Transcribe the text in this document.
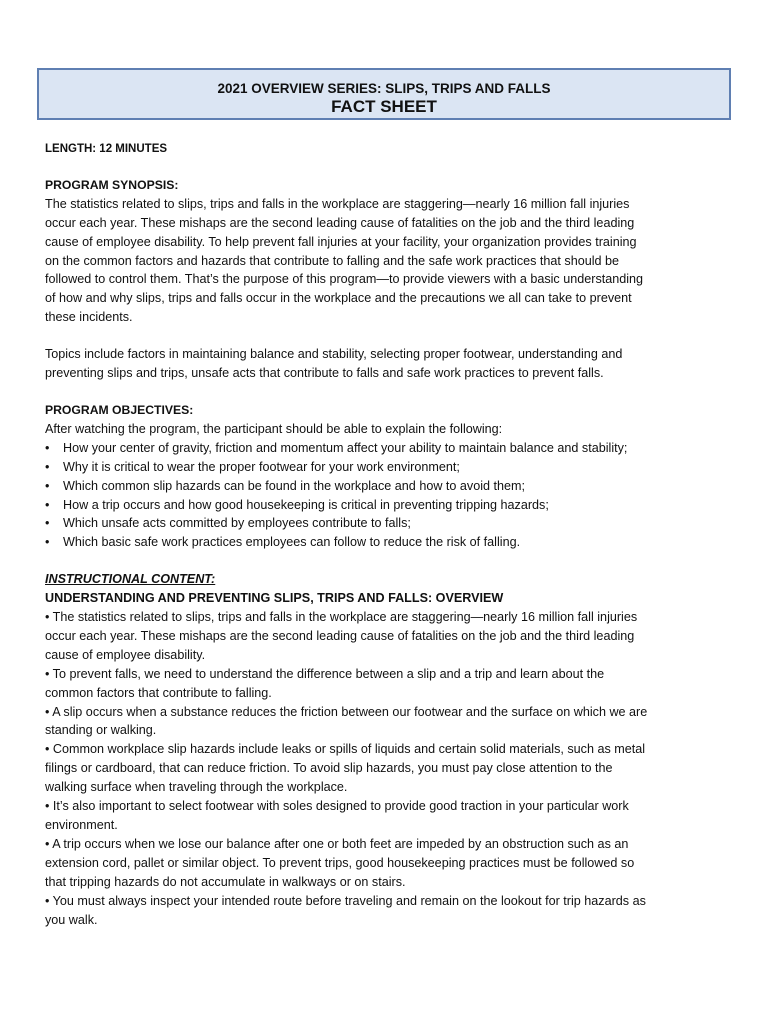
2021 OVERVIEW SERIES: SLIPS, TRIPS AND FALLS
FACT SHEET

LENGTH: 12 MINUTES

PROGRAM SYNOPSIS:

The statistics related to slips, trips and falls in the workplace are staggering—nearly 16 million fall injuries

occur each year. These mishaps are the second leading cause of fatalities on the job and the third leading

cause of employee disability. To help prevent fall injuries at your facility, your organization provides training

on the common factors and hazards that contribute to falling and the safe work practices that should be

followed to control them. That’s the purpose of this program—to provide viewers with a basic understanding

of how and why slips, trips and falls occur in the workplace and the precautions we all can take to prevent

these incidents.

Topics include factors in maintaining balance and stability, selecting proper footwear, understanding and

preventing slips and trips, unsafe acts that contribute to falls and safe work practices to prevent falls.

PROGRAM OBJECTIVES:

After watching the program, the participant should be able to explain the following:

• How your center of gravity, friction and momentum affect your ability to maintain balance and stability;
• Why it is critical to wear the proper footwear for your work environment;
• Which common slip hazards can be found in the workplace and how to avoid them;
• How a trip occurs and how good housekeeping is critical in preventing tripping hazards;
• Which unsafe acts committed by employees contribute to falls;
• Which basic safe work practices employees can follow to reduce the risk of falling.

INSTRUCTIONAL CONTENT:

UNDERSTANDING AND PREVENTING SLIPS, TRIPS AND FALLS: OVERVIEW

• The statistics related to slips, trips and falls in the workplace are staggering—nearly 16 million fall injuries

occur each year. These mishaps are the second leading cause of fatalities on the job and the third leading

cause of employee disability.

• To prevent falls, we need to understand the difference between a slip and a trip and learn about the

common factors that contribute to falling.

• A slip occurs when a substance reduces the friction between our footwear and the surface on which we are

standing or walking.

• Common workplace slip hazards include leaks or spills of liquids and certain solid materials, such as metal

filings or cardboard, that can reduce friction. To avoid slip hazards, you must pay close attention to the

walking surface when traveling through the workplace.

• It’s also important to select footwear with soles designed to provide good traction in your particular work

environment.

• A trip occurs when we lose our balance after one or both feet are impeded by an obstruction such as an

extension cord, pallet or similar object. To prevent trips, good housekeeping practices must be followed so

that tripping hazards do not accumulate in walkways or on stairs.

• You must always inspect your intended route before traveling and remain on the lookout for trip hazards as

you walk.
